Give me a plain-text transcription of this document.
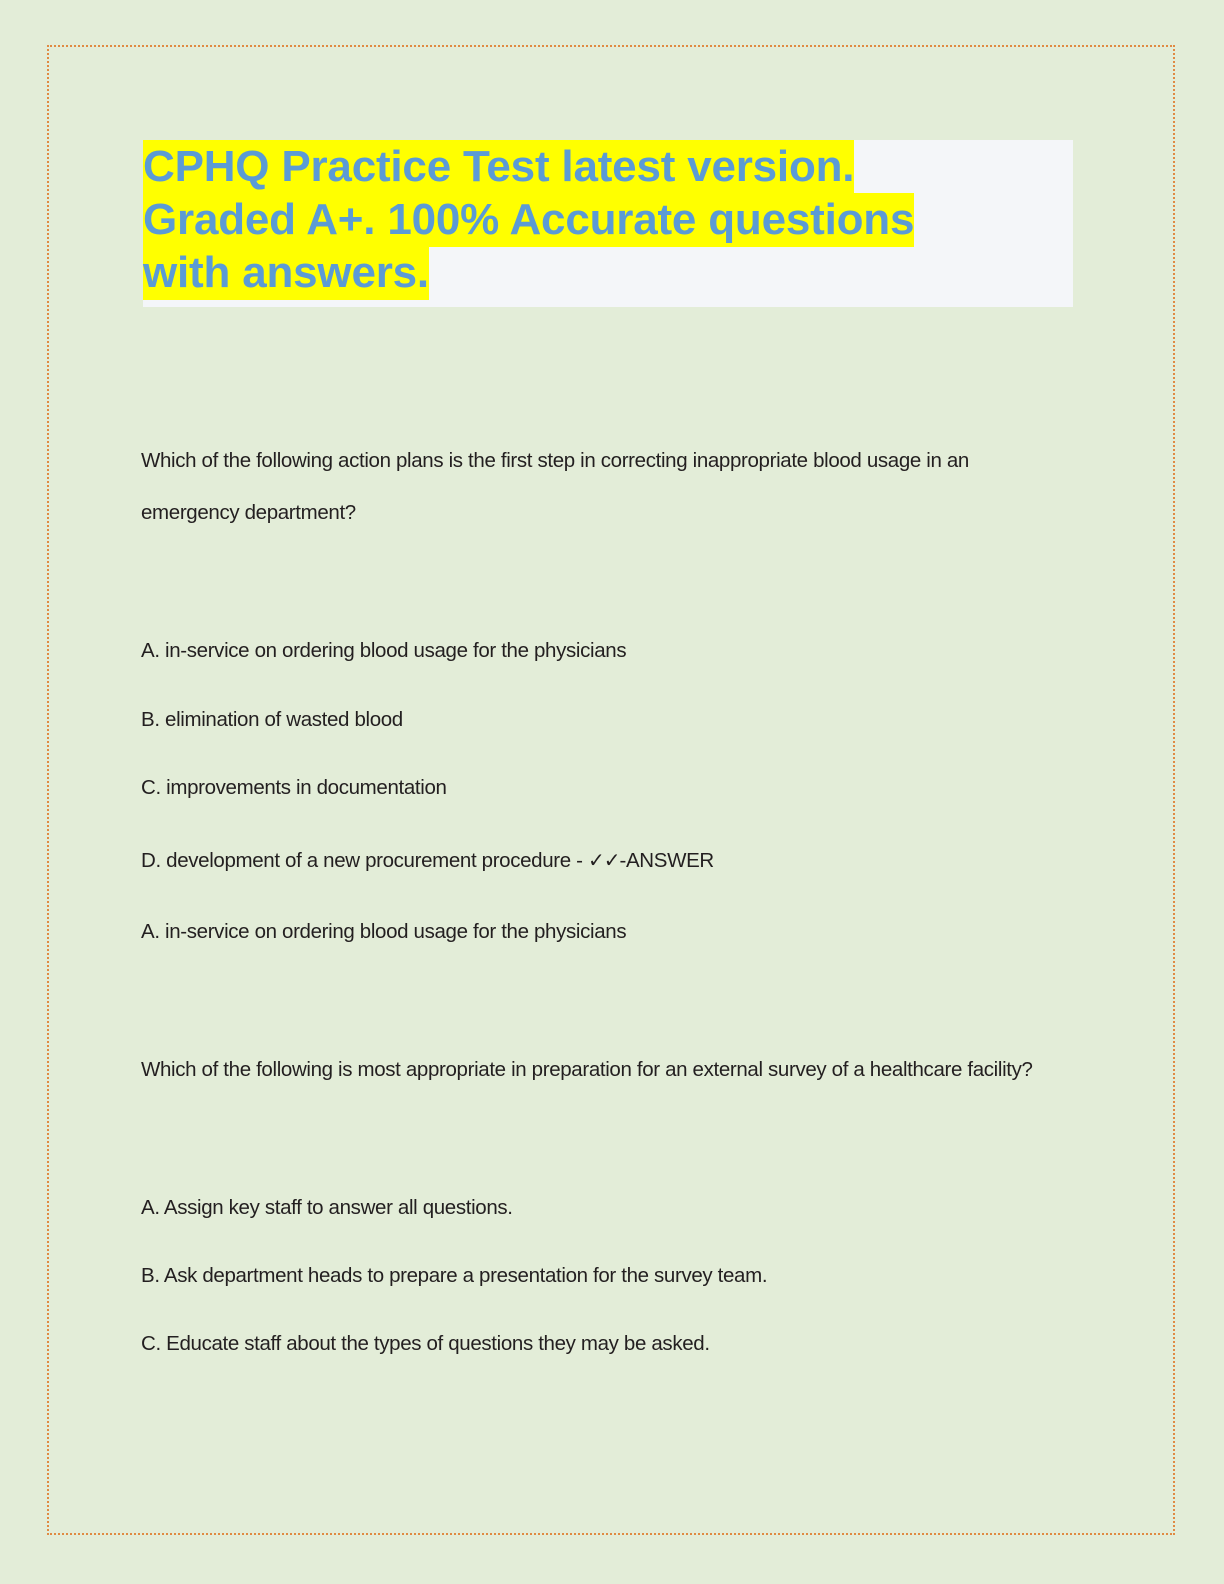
CPHQ Practice Test latest version.
Graded A+. 100% Accurate questions
with answers.
Which of the following action plans is the first step in correcting inappropriate blood usage in an
emergency department?
A. in-service on ordering blood usage for the physicians
B. elimination of wasted blood
C. improvements in documentation
D. development of a new procurement procedure - ✓✓-ANSWER
A. in-service on ordering blood usage for the physicians
Which of the following is most appropriate in preparation for an external survey of a healthcare facility?
A. Assign key staff to answer all questions.
B. Ask department heads to prepare a presentation for the survey team.
C. Educate staff about the types of questions they may be asked.
